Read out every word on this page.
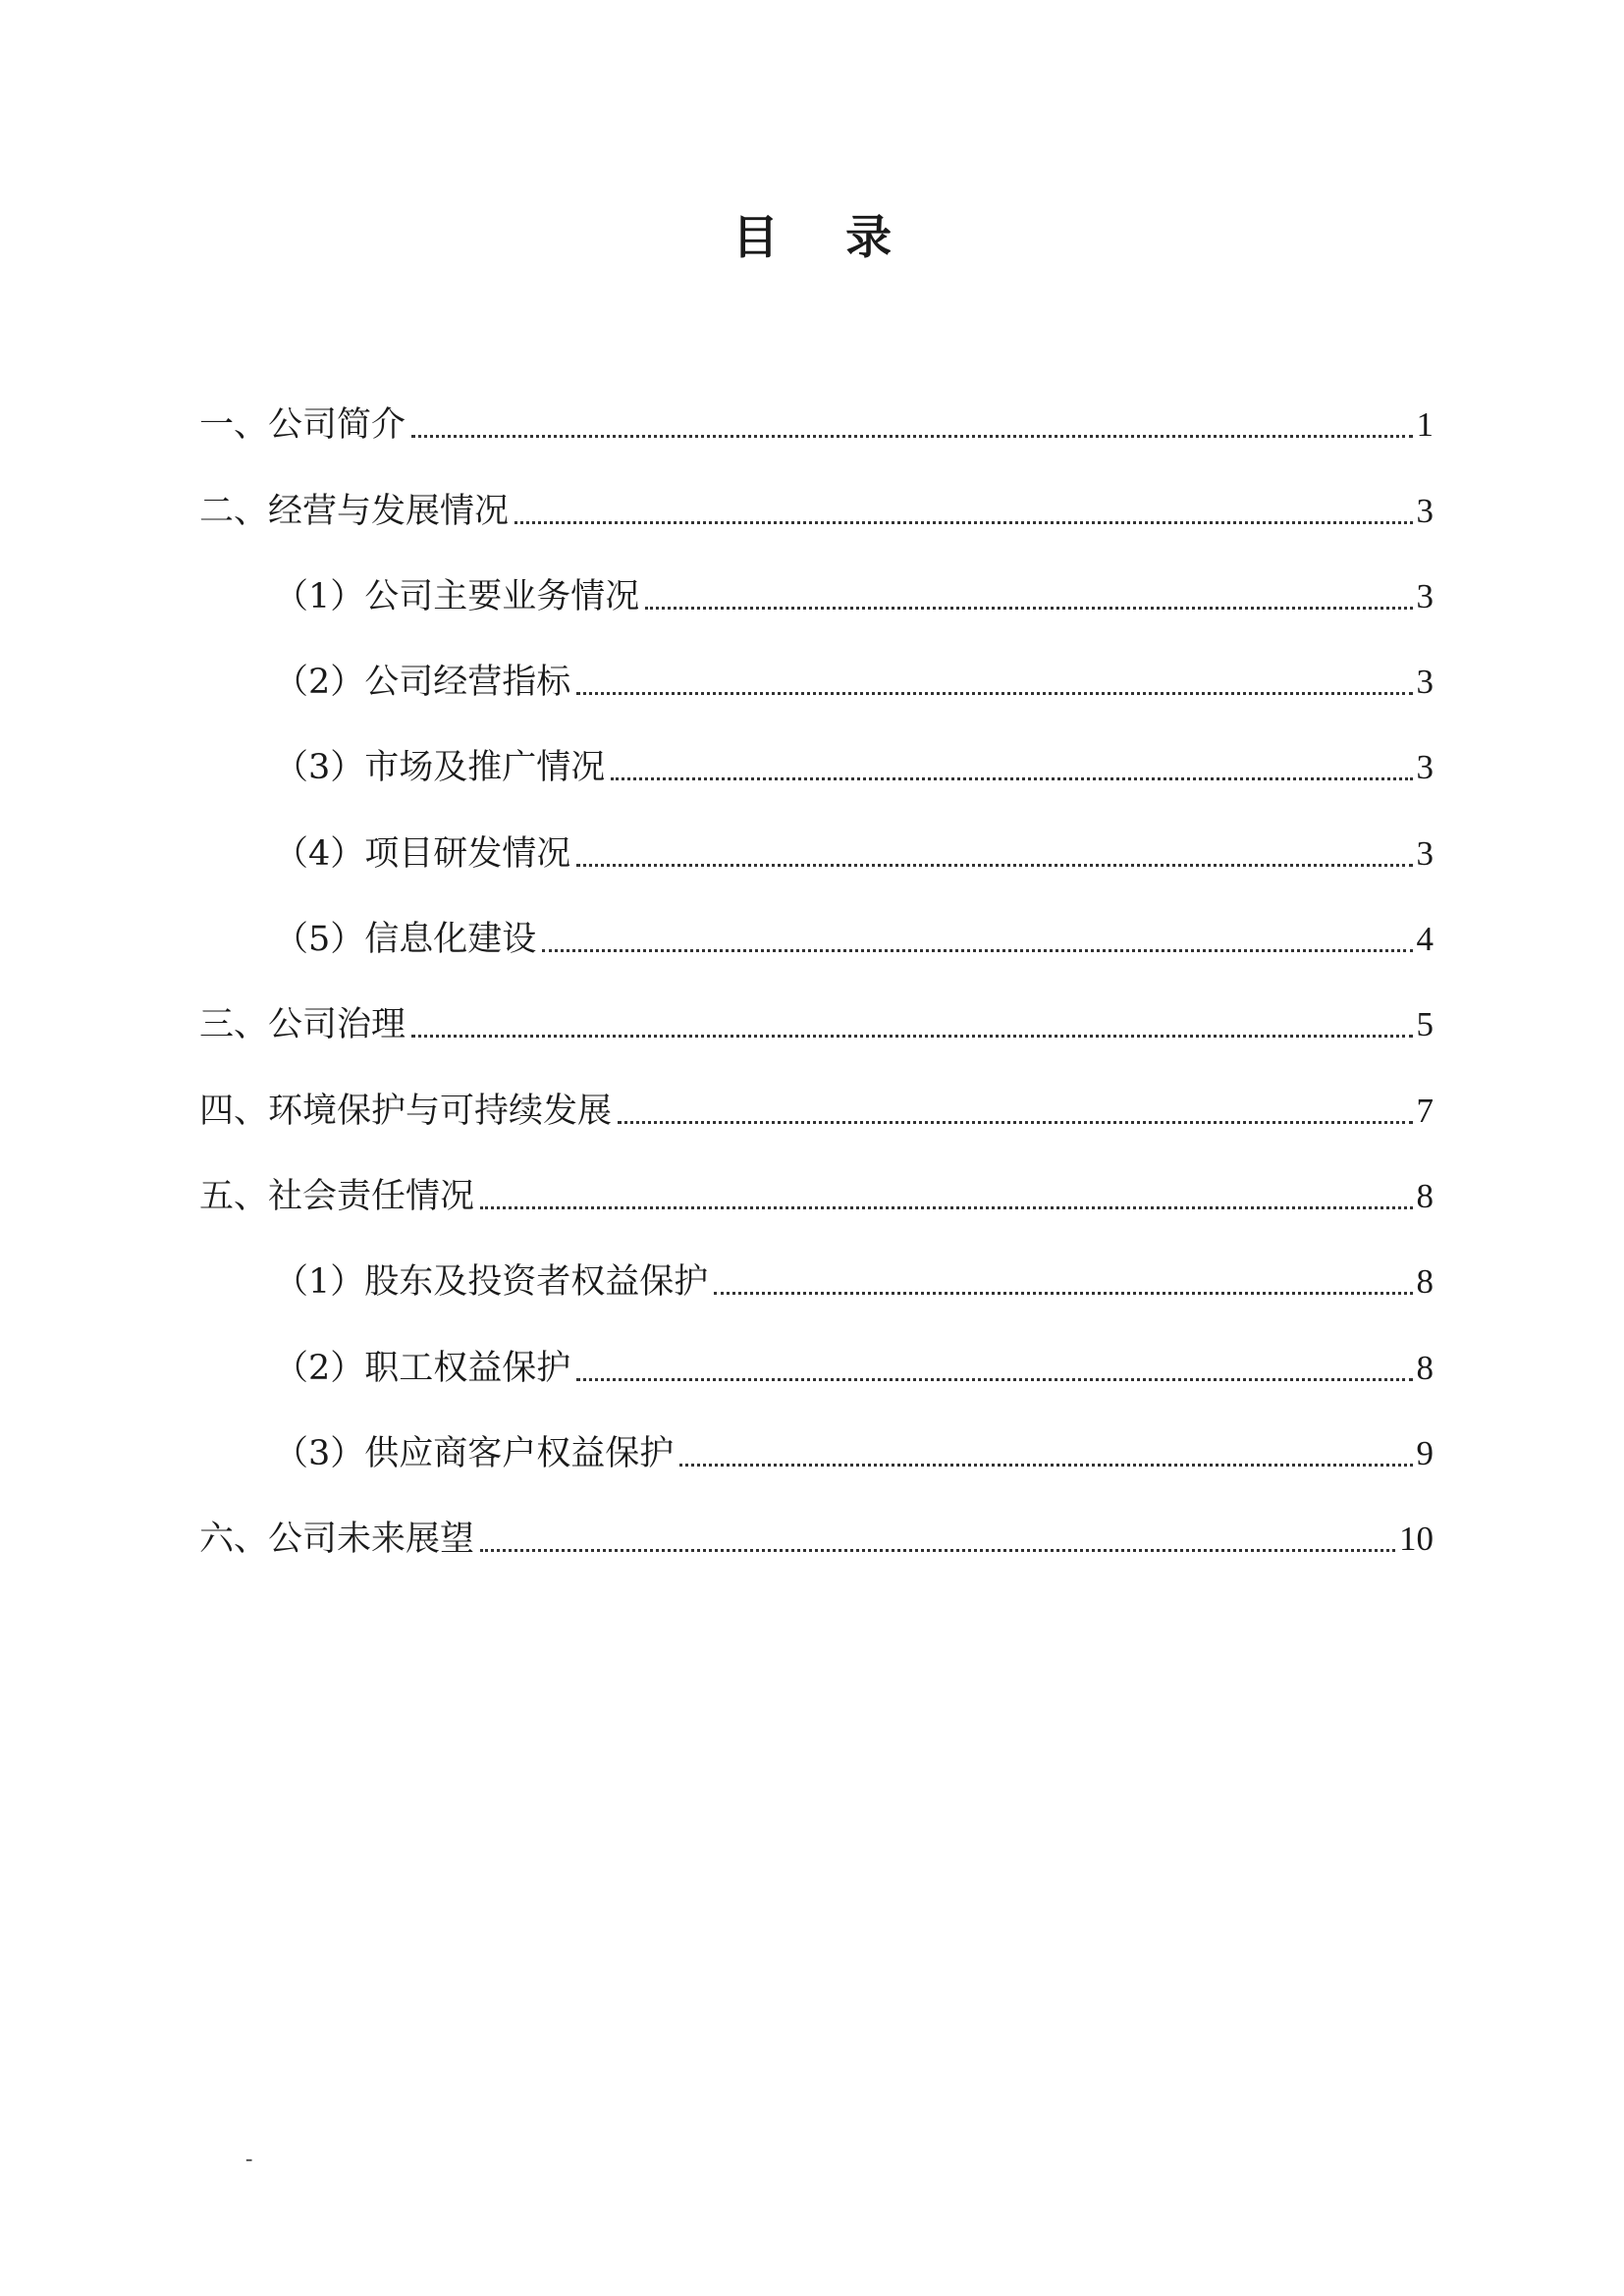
目 录
一、公司简介	1
二、经营与发展情况	3
（1）公司主要业务情况	3
（2）公司经营指标	3
（3）市场及推广情况	3
（4）项目研发情况	3
（5）信息化建设	4
三、公司治理	5
四、环境保护与可持续发展	7
五、社会责任情况	8
（1）股东及投资者权益保护	8
（2）职工权益保护	8
（3）供应商客户权益保护	9
六、公司未来展望	10
-
